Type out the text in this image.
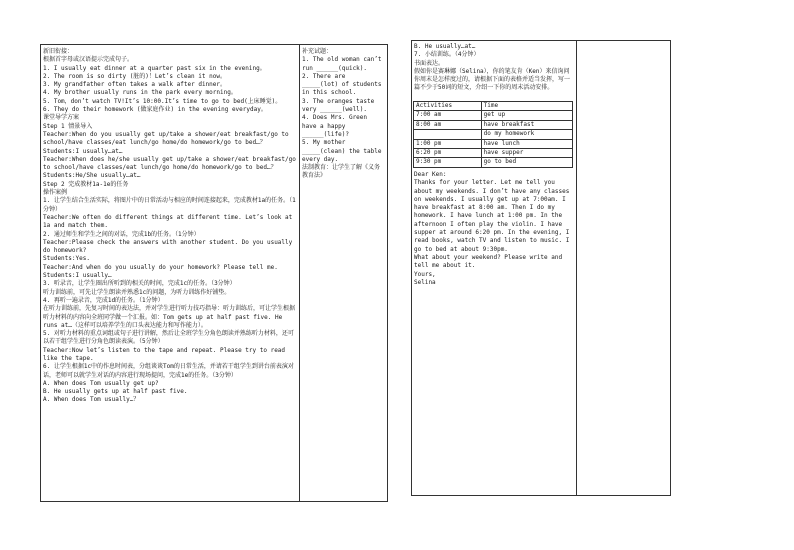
新旧衔接：
根据首字母或汉语提示完成句子。
1. I usually eat dinner at a quarter past six in the evening。
2. The room is so dirty (脏的)！Let’s clean it now。
3. My grandfather often takes a walk after dinner。
4. My brother usually runs in the park every morning。
5. Tom，don’t watch TV!It’s 10:00.It’s time to go to bed(上床睡觉)。
6. They do their homework (做家庭作业) in the evening everyday。
课堂导学方案
Step 1 情景导入
Teacher:When do you usually get up/take a shower/eat breakfast/go to school/have classes/eat lunch/go home/do homework/go to bed…？
Students:I usually…at…
Teacher:When does he/she usually get up/take a shower/eat breakfast/go to school/have classes/eat lunch/go home/do homework/go to bed…？
Students:He/She usually…at…
Step 2 完成教材1a-1e的任务
操作案例
1. 让学生结合生活实际，将图片中的日常活动与相应的时间连接起来，完成教材1a的任务。（1分钟）
Teacher:We often do different things at different time. Let’s look at 1a and match them.
2. 通过师生和学生之间的对话，完成1b的任务。（1分钟）
Teacher:Please check the answers with another student. Do you usually do homework?
Students:Yes.
Teacher:And when do you usually do your homework? Please tell me.
Students:I usually…
3. 听录音，让学生圈出所听到的相关的时间，完成1c的任务。（3分钟）
听力训练前，可先让学生朗读并熟悉1c的问题，为听力训练作好铺垫。
4. 再听一遍录音，完成1d的任务。（1分钟）
在听力训练前，先复习时间的表达法，并对学生进行听力技巧指导：听力训练后，可让学生根据听力材料的内容向全班同学做一个汇报。如：Tom gets up at half past five. He runs at…（这样可以培养学生的口头表达能力和写作能力）。
5. 对听力材料的重点词组或句子进行讲解，然后让全班学生分角色朗读并熟练听力材料，还可以若干组学生进行分角色朗读表演。（5分钟）
Teacher:Now let’s listen to the tape and repeat. Please try to read like the tape.
6. 让学生根据1c中的作息时间表，分组谈谈Tom的日常生活，并请若干组学生到讲台前表演对话，老师可以就学生对话的内容进行现场提问，完成1e的任务。（3分钟）
A. When does Tom usually get up?
B. He usually gets up at half past five.
A. When does Tom usually…？
补充试题：
1. The old woman can’t run ______(quick).
2. There are _____(lot) of students in this school.
3. The oranges taste very ______(well).
4. Does Mrs. Green have a happy ______(life)?
5. My mother _____(clean) the table every day.
法制教育：让学生了解《义务教育法》
B. He usually…at…
7. 小结训练。（4分钟）
书面表达。
假如你是赛琳娜（Selina），你的笔友肯（Ken）来信询问你周末是怎样度过的，请根据下面的表格并适当发挥，写一篇不少于50词的短文，介绍一下你的周末活动安排。
Activities	Time
7:00 am	get up
8:00 am	have breakfast
	do my homework
1:00 pm	have lunch
6:20 pm	have supper
9:30 pm	go to bed
Dear Ken:
Thanks for your letter. Let me tell you about my weekends. I don’t have any classes on weekends. I usually get up at 7:00am. I have breakfast at 8:00 am. Then I do my homework. I have lunch at 1:00 pm. In the afternoon I often play the violin. I have supper at around 6:20 pm. In the evening, I read books, watch TV and listen to music. I go to bed at about 9:30pm.
What about your weekend? Please write and tell me about it.
Yours,
Selina
